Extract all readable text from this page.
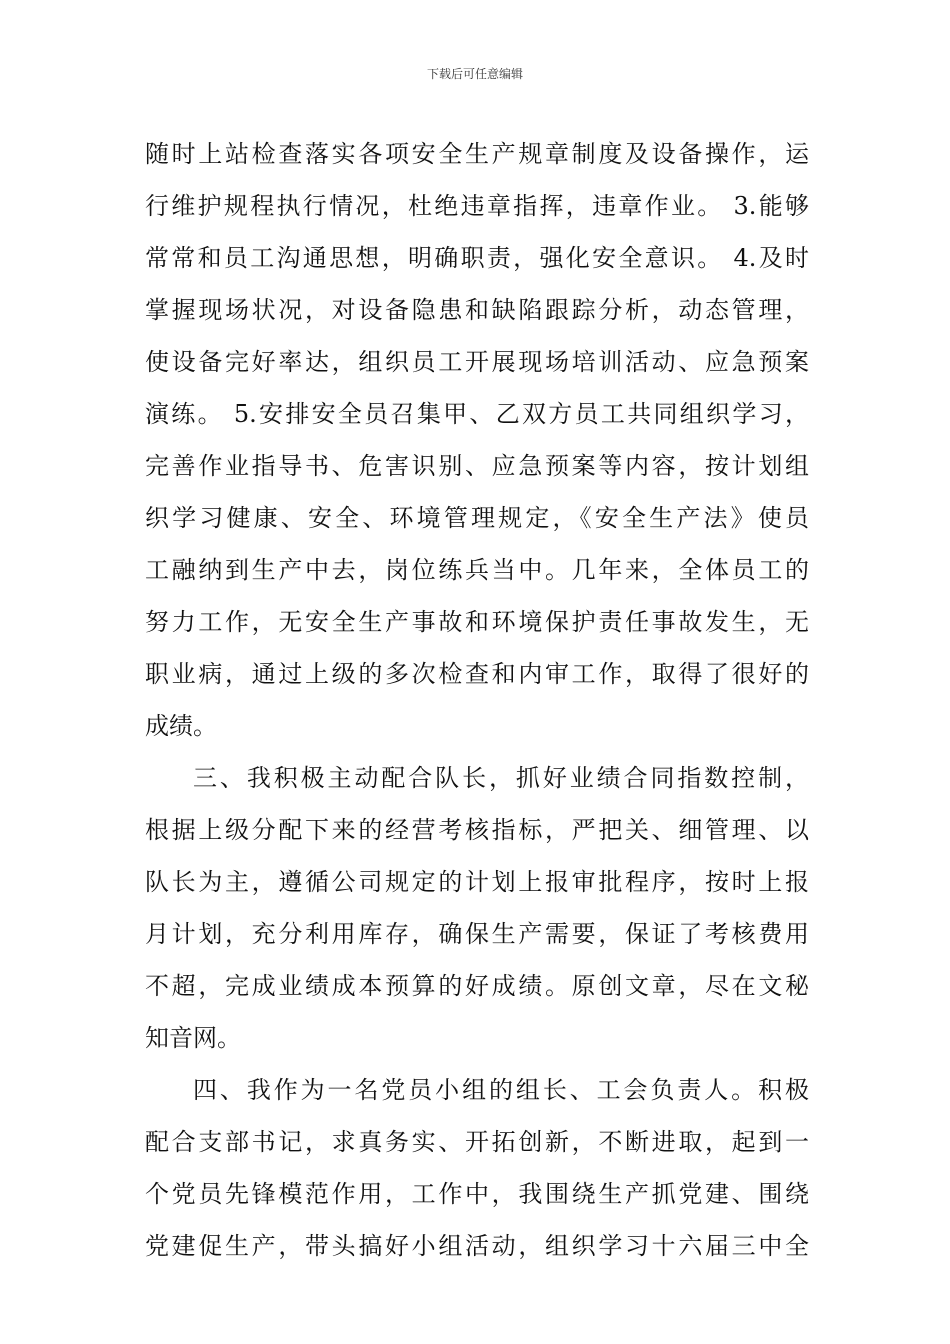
下载后可任意编辑
随时上站检查落实各项安全生产规章制度及设备操作，运
行维护规程执行情况，杜绝违章指挥，违章作业。 3.能够
常常和员工沟通思想，明确职责，强化安全意识。 4.及时
掌握现场状况，对设备隐患和缺陷跟踪分析，动态管理，
使设备完好率达，组织员工开展现场培训活动、应急预案
演练。 5.安排安全员召集甲、乙双方员工共同组织学习，
完善作业指导书、危害识别、应急预案等内容，按计划组
织学习健康、安全、环境管理规定，《安全生产法》使员
工融纳到生产中去，岗位练兵当中。几年来，全体员工的
努力工作，无安全生产事故和环境保护责任事故发生，无
职业病，通过上级的多次检查和内审工作，取得了很好的
成绩。
三、我积极主动配合队长，抓好业绩合同指数控制，
根据上级分配下来的经营考核指标，严把关、细管理、以
队长为主，遵循公司规定的计划上报审批程序，按时上报
月计划，充分利用库存，确保生产需要，保证了考核费用
不超，完成业绩成本预算的好成绩。原创文章，尽在文秘
知音网。
四、我作为一名党员小组的组长、工会负责人。积极
配合支部书记，求真务实、开拓创新，不断进取，起到一
个党员先锋模范作用，工作中，我围绕生产抓党建、围绕
党建促生产，带头搞好小组活动，组织学习十六届三中全
